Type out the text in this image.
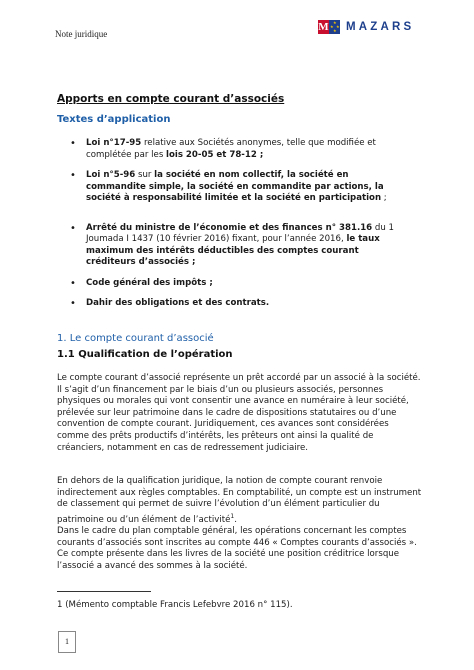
Note juridique
M ★
★ ★
★ MAZARS
Apports en compte courant d’associés
Textes d’application
• Loi n°17-95 relative aux Sociétés anonymes, telle que modifiée et complétée par les lois 20-05 et 78-12 ;
• Loi n°5-96 sur la société en nom collectif, la société en commandite simple, la société en commandite par actions, la société à responsabilité limitée et la société en participation ;
• Arrêté du ministre de l’économie et des finances n° 381.16 du 1 Joumada I 1437 (10 février 2016) fixant, pour l’année 2016, le taux maximum des intérêts déductibles des comptes courant créditeurs d’associés ;
• Code général des impôts ;
• Dahir des obligations et des contrats.
1. Le compte courant d’associé
1.1 Qualification de l’opération

Le compte courant d’associé représente un prêt accordé par un associé à la société. Il s’agit d’un financement par le biais d’un ou plusieurs associés, personnes physiques ou morales qui vont consentir une avance en numéraire à leur société, prélevée sur leur patrimoine dans le cadre de dispositions statutaires ou d’une convention de compte courant. Juridiquement, ces avances sont considérées comme des prêts productifs d’intérêts, les prêteurs ont ainsi la qualité de créanciers, notamment en cas de redressement judiciaire.

En dehors de la qualification juridique, la notion de compte courant renvoie indirectement aux règles comptables. En comptabilité, un compte est un instrument de classement qui permet de suivre l’évolution d’un élément particulier du patrimoine ou d’un élément de l’activité$^1$.

Dans le cadre du plan comptable général, les opérations concernant les comptes courants d’associés sont inscrites au compte 446 « Comptes courants d’associés ». Ce compte présente dans les livres de la société une position créditrice lorsque l’associé a avancé des sommes à la société.

1 (Mémento comptable Francis Lefebvre 2016 n° 115).
1
